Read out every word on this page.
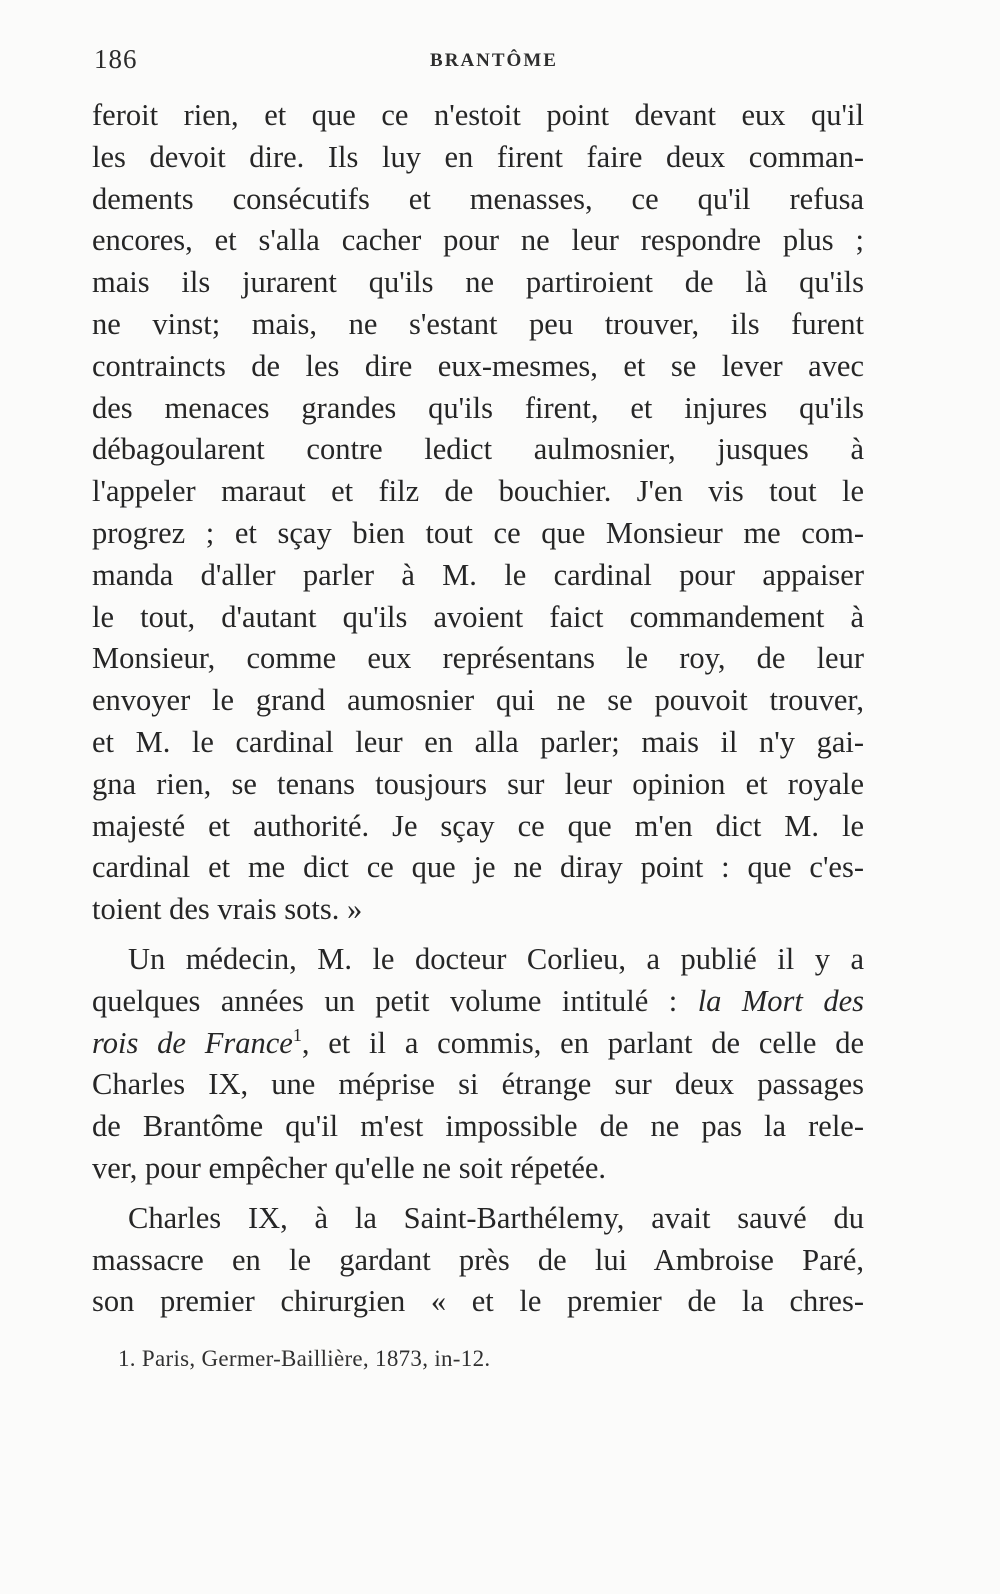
186	BRANTÔME
feroit rien, et que ce n'estoit point devant eux qu'il
les devoit dire. Ils luy en firent faire deux comman-
dements consécutifs et menasses, ce qu'il refusa
encores, et s'alla cacher pour ne leur respondre plus ;
mais ils jurarent qu'ils ne partiroient de là qu'ils
ne vinst; mais, ne s'estant peu trouver, ils furent
contraincts de les dire eux-mesmes, et se lever avec
des menaces grandes qu'ils firent, et injures qu'ils
débagoularent contre ledict aulmosnier, jusques à
l'appeler maraut et filz de bouchier. J'en vis tout le
progrez ; et sçay bien tout ce que Monsieur me com-
manda d'aller parler à M. le cardinal pour appaiser
le tout, d'autant qu'ils avoient faict commandement à
Monsieur, comme eux représentans le roy, de leur
envoyer le grand aumosnier qui ne se pouvoit trouver,
et M. le cardinal leur en alla parler; mais il n'y gai-
gna rien, se tenans tousjours sur leur opinion et royale
majesté et authorité. Je sçay ce que m'en dict M. le
cardinal et me dict ce que je ne diray point : que c'es-
toient des vrais sots. »
Un médecin, M. le docteur Corlieu, a publié il y a
quelques années un petit volume intitulé : la Mort des
rois de France$^1$, et il a commis, en parlant de celle de
Charles IX, une méprise si étrange sur deux passages
de Brantôme qu'il m'est impossible de ne pas la rele-
ver, pour empêcher qu'elle ne soit répetée.
Charles IX, à la Saint-Barthélemy, avait sauvé du
massacre en le gardant près de lui Ambroise Paré,
son premier chirurgien « et le premier de la chres-
1. Paris, Germer-Baillière, 1873, in-12.
